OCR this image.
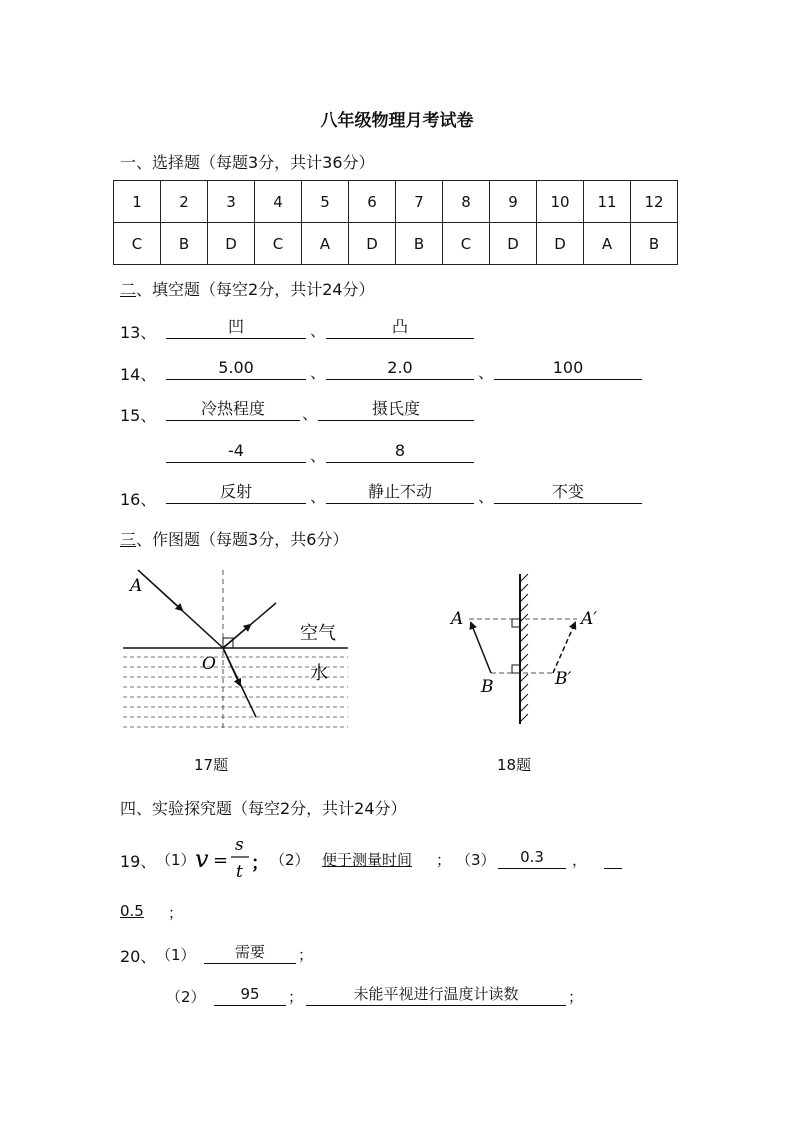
八年级物理月考试卷
一、选择题（每题3分，共计36分）
1	2	3	4	5	6	7	8	9	10	11	12
C	B	D	C	A	D	B	C	D	D	A	B
二、填空题（每空2分，共计24分）
13、	凹	、	凸
14、	5.00	、	2.0	、	100
15、	冷热程度	、	摄氏度
-4	、	8
16、	反射	、	静止不动	、	不变
三、作图题（每题3分，共6分）
A
O
空气
水
17题
A
B
A′
B′
18题
四、实验探究题（每空2分，共计24分）
19、 （1） v =
s
t ； （2） 便于测量时间 ； （3）	0.3	，
0.5 ；
20、 （1）	需要	；
（2）	95	；	未能平视进行温度计读数	；
